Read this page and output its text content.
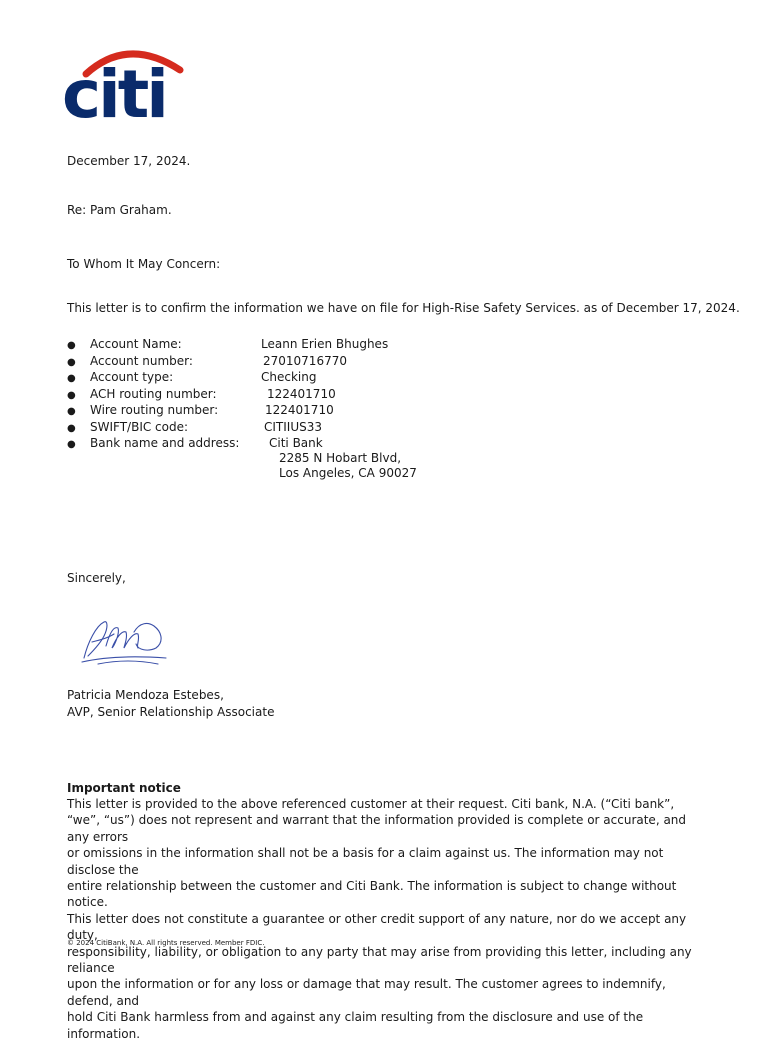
citi
December 17, 2024.
Re: Pam Graham.
To Whom It May Concern:
This letter is to confirm the information we have on file for High-Rise Safety Services. as of December 17, 2024.
● Account Name:	Leann Erien Bhughes
● Account number:	27010716770
● Account type:	Checking
● ACH routing number:	122401710
● Wire routing number:	122401710
● SWIFT/BIC code:	CITIIUS33
● Bank name and address: Citi Bank
2285 N Hobart Blvd,
Los Angeles, CA 90027
Sincerely,
Patricia Mendoza Estebes,
AVP, Senior Relationship Associate
Important notice
This letter is provided to the above referenced customer at their request. Citi bank, N.A. (“Citi bank”,
“we”, “us”) does not represent and warrant that the information provided is complete or accurate, and any errors
or omissions in the information shall not be a basis for a claim against us. The information may not disclose the
entire relationship between the customer and Citi Bank. The information is subject to change without notice.
This letter does not constitute a guarantee or other credit support of any nature, nor do we accept any duty,
responsibility, liability, or obligation to any party that may arise from providing this letter, including any reliance
upon the information or for any loss or damage that may result. The customer agrees to indemnify, defend, and
hold Citi Bank harmless from and against any claim resulting from the disclosure and use of the information.
© 2024 CitiBank, N.A. All rights reserved. Member FDIC.
